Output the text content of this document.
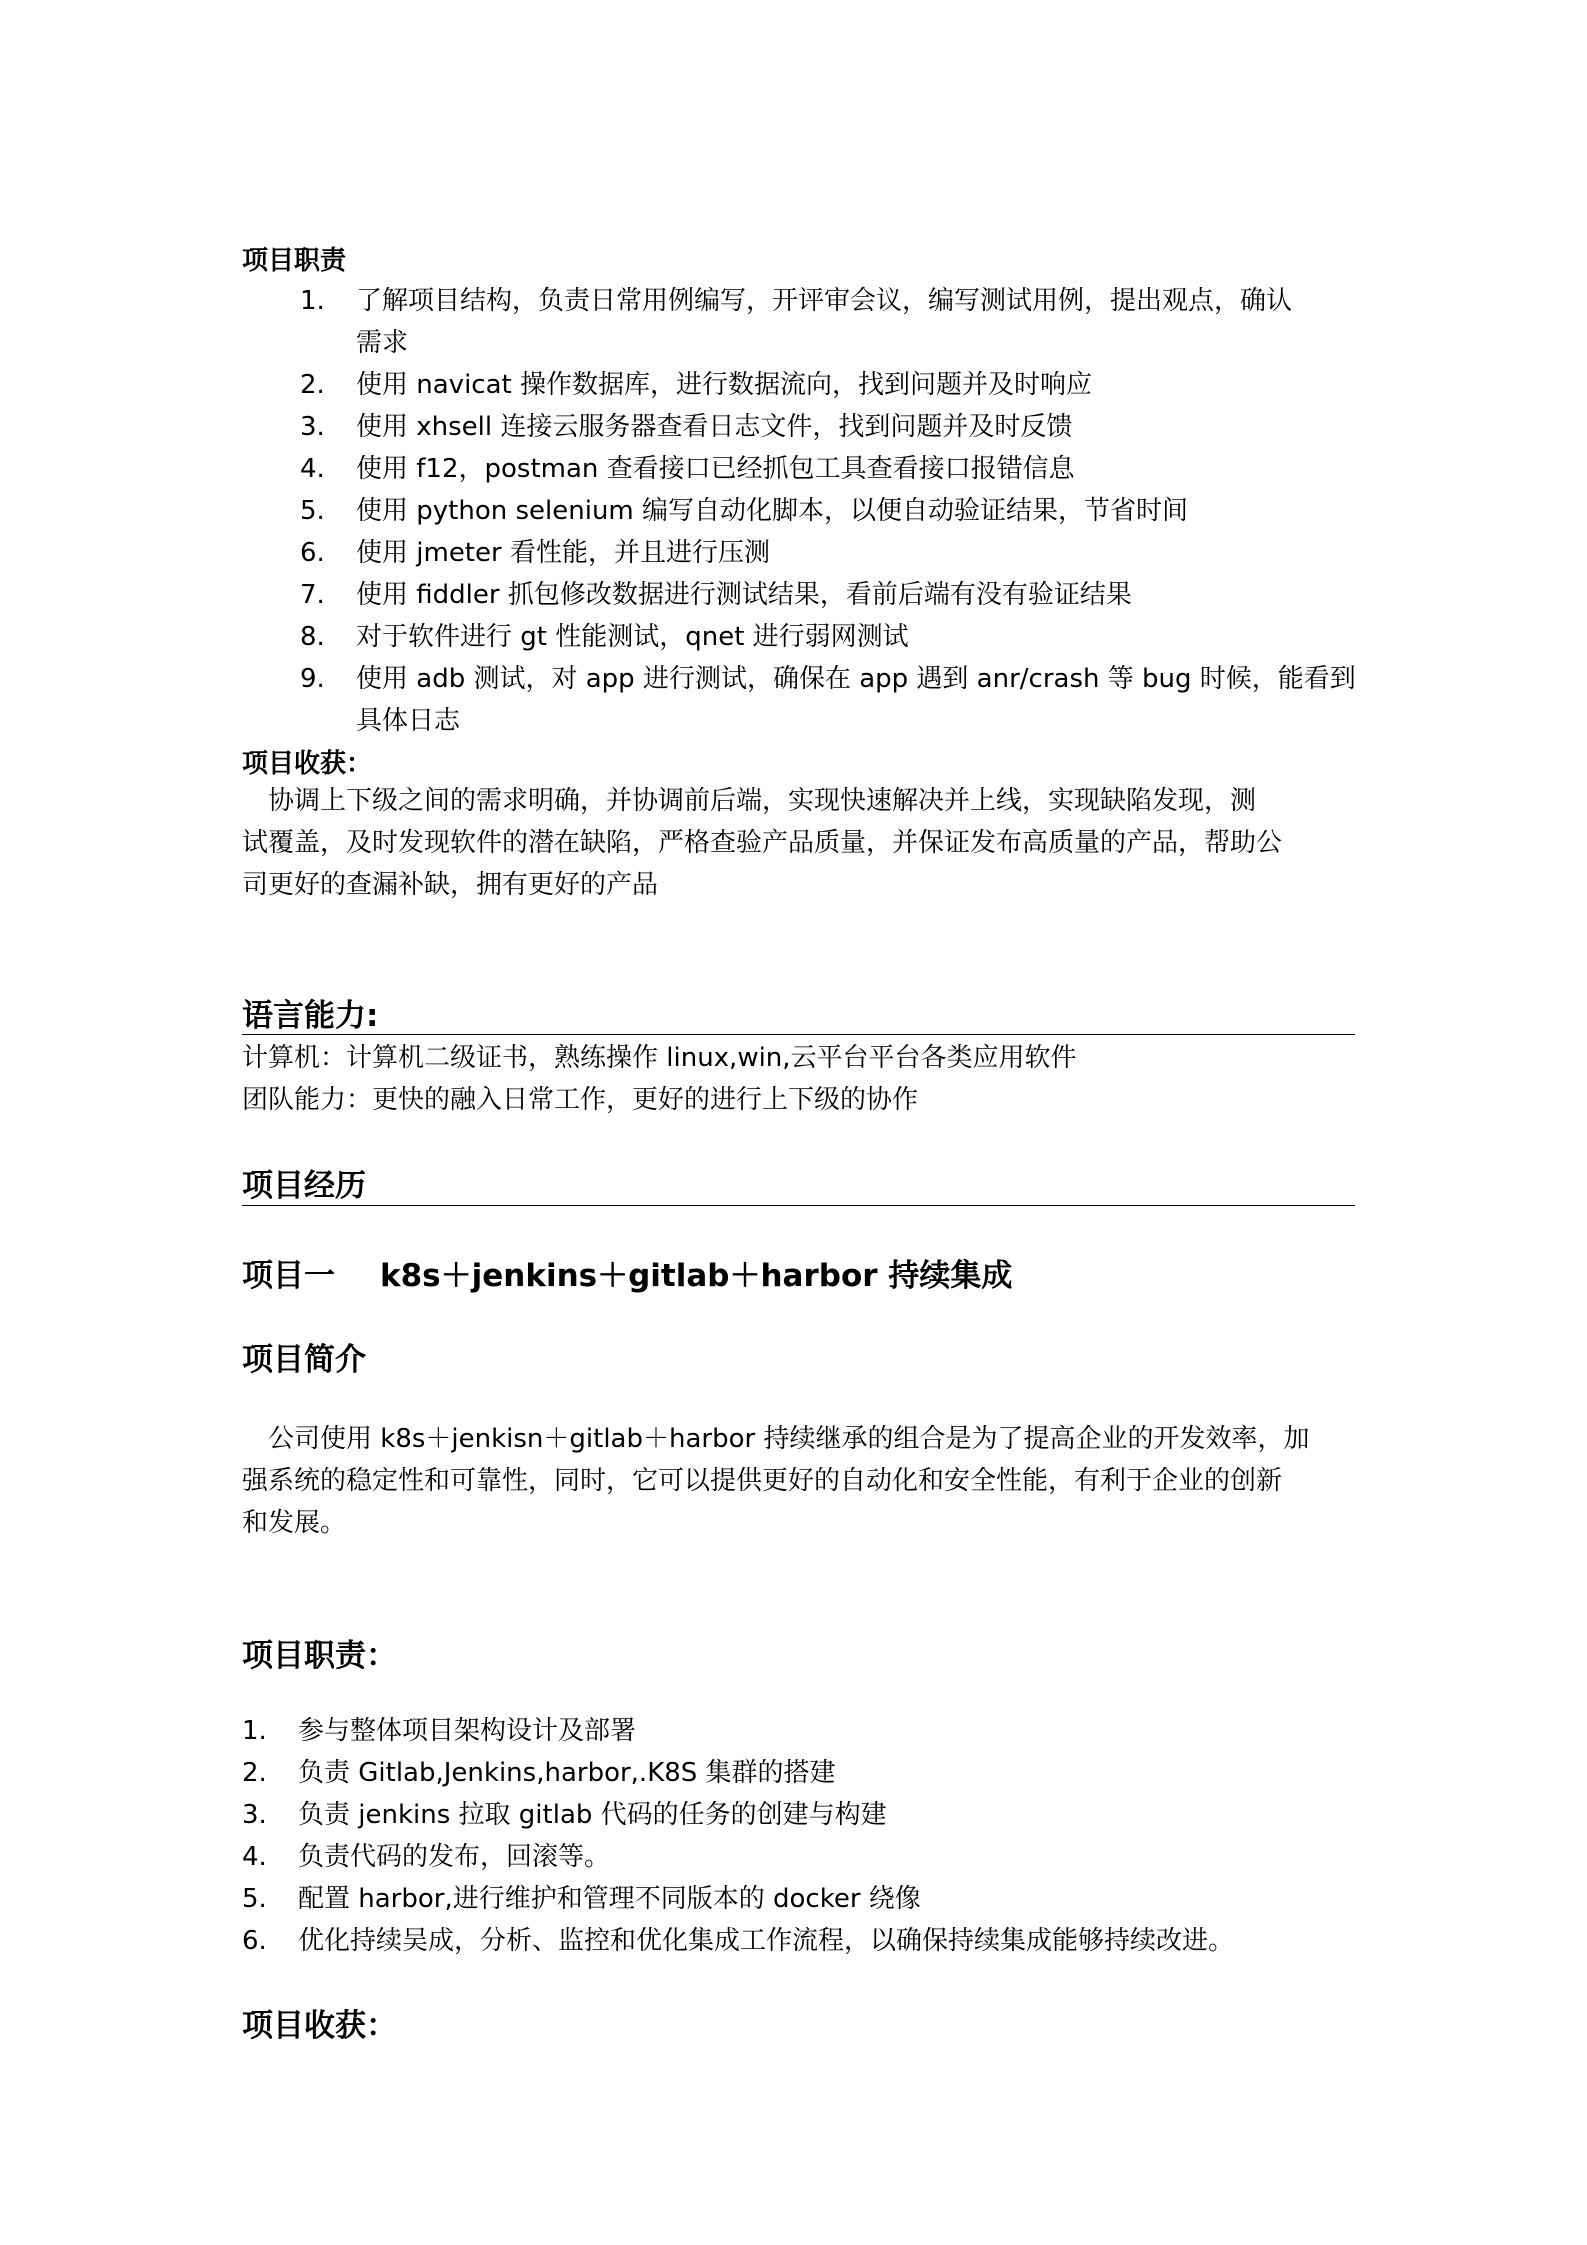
项目职责
1. 了解项目结构，负责日常用例编写，开评审会议，编写测试用例，提出观点，确认
需求
2. 使用 navicat 操作数据库，进行数据流向，找到问题并及时响应
3. 使用 xhsell 连接云服务器查看日志文件，找到问题并及时反馈
4. 使用 f12，postman 查看接口已经抓包工具查看接口报错信息
5. 使用 python selenium 编写自动化脚本，以便自动验证结果，节省时间
6. 使用 jmeter 看性能，并且进行压测
7. 使用 fiddler 抓包修改数据进行测试结果，看前后端有没有验证结果
8. 对于软件进行 gt 性能测试，qnet 进行弱网测试
9. 使用 adb 测试，对 app 进行测试，确保在 app 遇到 anr/crash 等 bug 时候，能看到
具体日志
项目收获：
　协调上下级之间的需求明确，并协调前后端，实现快速解决并上线，实现缺陷发现，测
试覆盖，及时发现软件的潜在缺陷，严格查验产品质量，并保证发布高质量的产品，帮助公
司更好的查漏补缺，拥有更好的产品
语言能力:
计算机：计算机二级证书，熟练操作 linux,win,云平台平台各类应用软件
团队能力：更快的融入日常工作，更好的进行上下级的协作
项目经历
项目一 k8s＋jenkins＋gitlab＋harbor 持续集成
项目简介
　公司使用 k8s＋jenkisn＋gitlab＋harbor 持续继承的组合是为了提高企业的开发效率，加
强系统的稳定性和可靠性，同时，它可以提供更好的自动化和安全性能，有利于企业的创新
和发展。
项目职责：
1. 参与整体项目架构设计及部署
2. 负责 Gitlab,Jenkins,harbor,.K8S 集群的搭建
3. 负责 jenkins 拉取 gitlab 代码的任务的创建与构建
4. 负责代码的发布，回滚等。
5. 配置 harbor,进行维护和管理不同版本的 docker 绕像
6. 优化持续吴成，分析、监控和优化集成工作流程，以确保持续集成能够持续改进。
项目收获：
